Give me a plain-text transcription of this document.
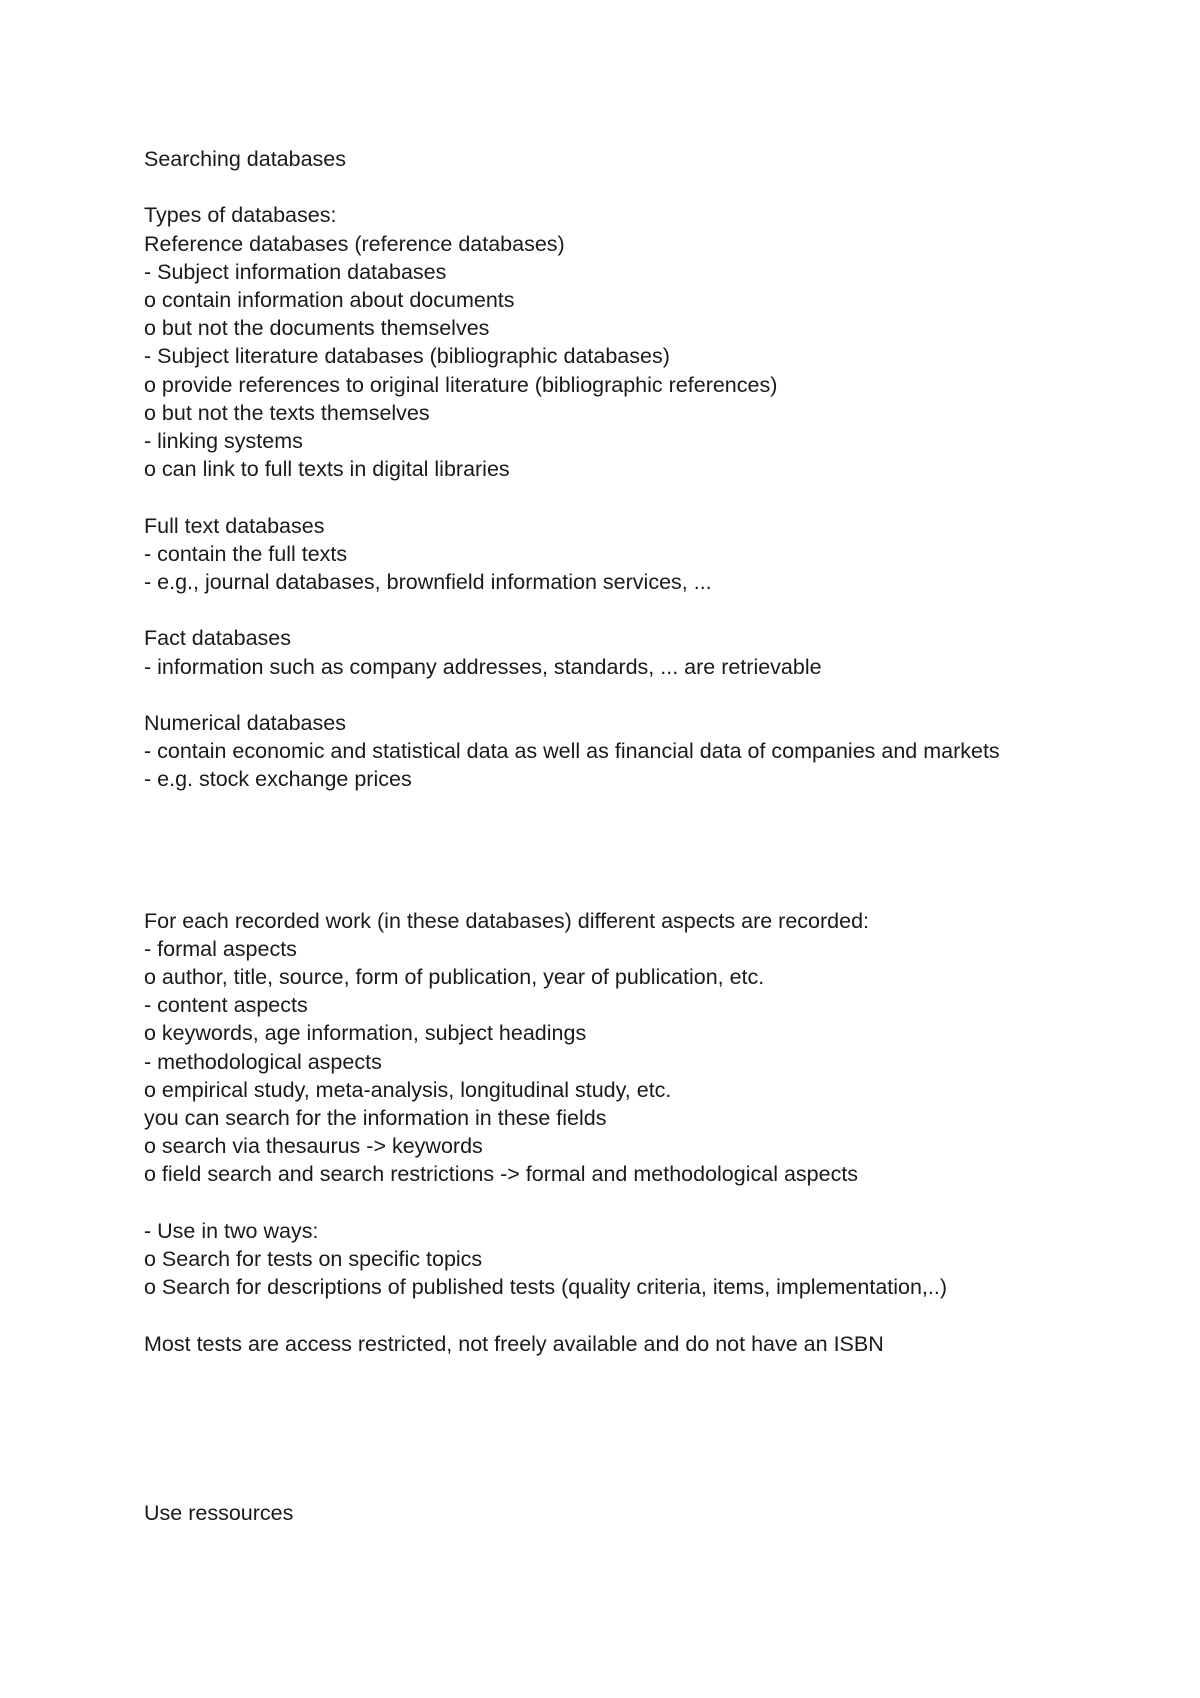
Searching databases
Types of databases:
Reference databases (reference databases)
- Subject information databases
o contain information about documents
o but not the documents themselves
- Subject literature databases (bibliographic databases)
o provide references to original literature (bibliographic references)
o but not the texts themselves
- linking systems
o can link to full texts in digital libraries
Full text databases
- contain the full texts
- e.g., journal databases, brownfield information services, ...
Fact databases
- information such as company addresses, standards, ... are retrievable
Numerical databases
- contain economic and statistical data as well as financial data of companies and markets
- e.g. stock exchange prices
For each recorded work (in these databases) different aspects are recorded:
- formal aspects
o author, title, source, form of publication, year of publication, etc.
- content aspects
o keywords, age information, subject headings
- methodological aspects
o empirical study, meta-analysis, longitudinal study, etc.
you can search for the information in these fields
o search via thesaurus -> keywords
o field search and search restrictions -> formal and methodological aspects
- Use in two ways:
o Search for tests on specific topics
o Search for descriptions of published tests (quality criteria, items, implementation,..)
Most tests are access restricted, not freely available and do not have an ISBN
Use ressources
